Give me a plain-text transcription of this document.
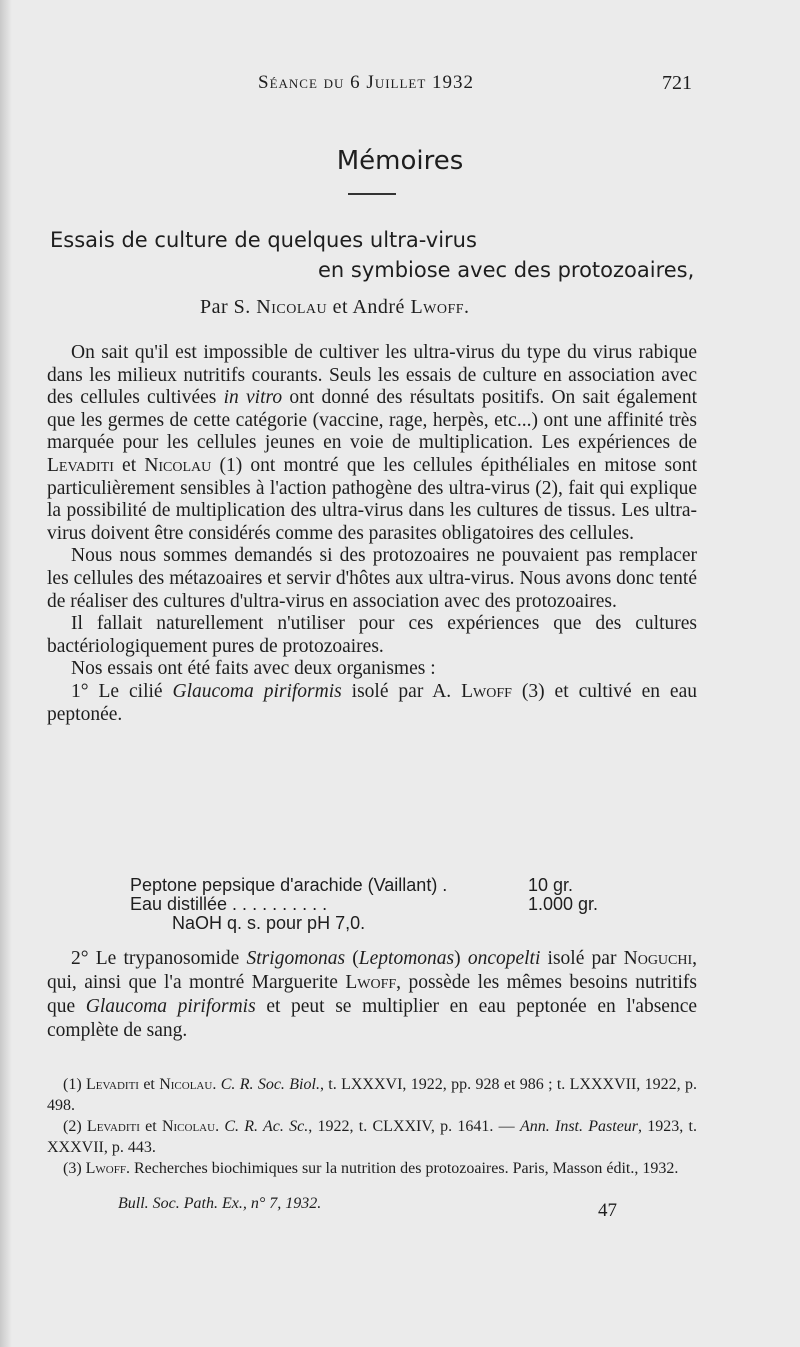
Séance du 6 Juillet 1932	721
Mémoires
Essais de culture de quelques ultra-virus
en symbiose avec des protozoaires,
Par S. Nicolau et André Lwoff.

On sait qu'il est impossible de cultiver les ultra-virus du type du virus rabique dans les milieux nutritifs courants. Seuls les essais de culture en association avec des cellules cultivées in vitro ont donné des résultats positifs. On sait également que les germes de cette catégorie (vaccine, rage, herpès, etc...) ont une affinité très marquée pour les cellules jeunes en voie de multiplication. Les expériences de Levaditi et Nicolau (1) ont montré que les cellules épithéliales en mitose sont particulièrement sensibles à l'action pathogène des ultra-virus (2), fait qui explique la possibilité de multiplication des ultra-virus dans les cultures de tissus. Les ultra-virus doivent être considérés comme des parasites obligatoires des cellules.

Nous nous sommes demandés si des protozoaires ne pouvaient pas remplacer les cellules des métazoaires et servir d'hôtes aux ultra-virus. Nous avons donc tenté de réaliser des cultures d'ultra-virus en association avec des protozoaires.

Il fallait naturellement n'utiliser pour ces expériences que des cultures bactériologiquement pures de protozoaires.

Nos essais ont été faits avec deux organismes :

1° Le cilié Glaucoma piriformis isolé par A. Lwoff (3) et cultivé en eau peptonée.

Peptone pepsique d'arachide (Vaillant) .	10 gr.
Eau distillée . . . . . . . . . .	1.000 gr.
NaOH q. s. pour pH 7,0.

2° Le trypanosomide Strigomonas (Leptomonas) oncopelti isolé par Noguchi, qui, ainsi que l'a montré Marguerite Lwoff, possède les mêmes besoins nutritifs que Glaucoma piriformis et peut se multiplier en eau peptonée en l'absence complète de sang.

(1) Levaditi et Nicolau. C. R. Soc. Biol., t. LXXXVI, 1922, pp. 928 et 986 ; t. LXXXVII, 1922, p. 498.

(2) Levaditi et Nicolau. C. R. Ac. Sc., 1922, t. CLXXIV, p. 1641. — Ann. Inst. Pasteur, 1923, t. XXXVII, p. 443.

(3) Lwoff. Recherches biochimiques sur la nutrition des protozoaires. Paris, Masson édit., 1932.

Bull. Soc. Path. Ex., n° 7, 1932.	47
